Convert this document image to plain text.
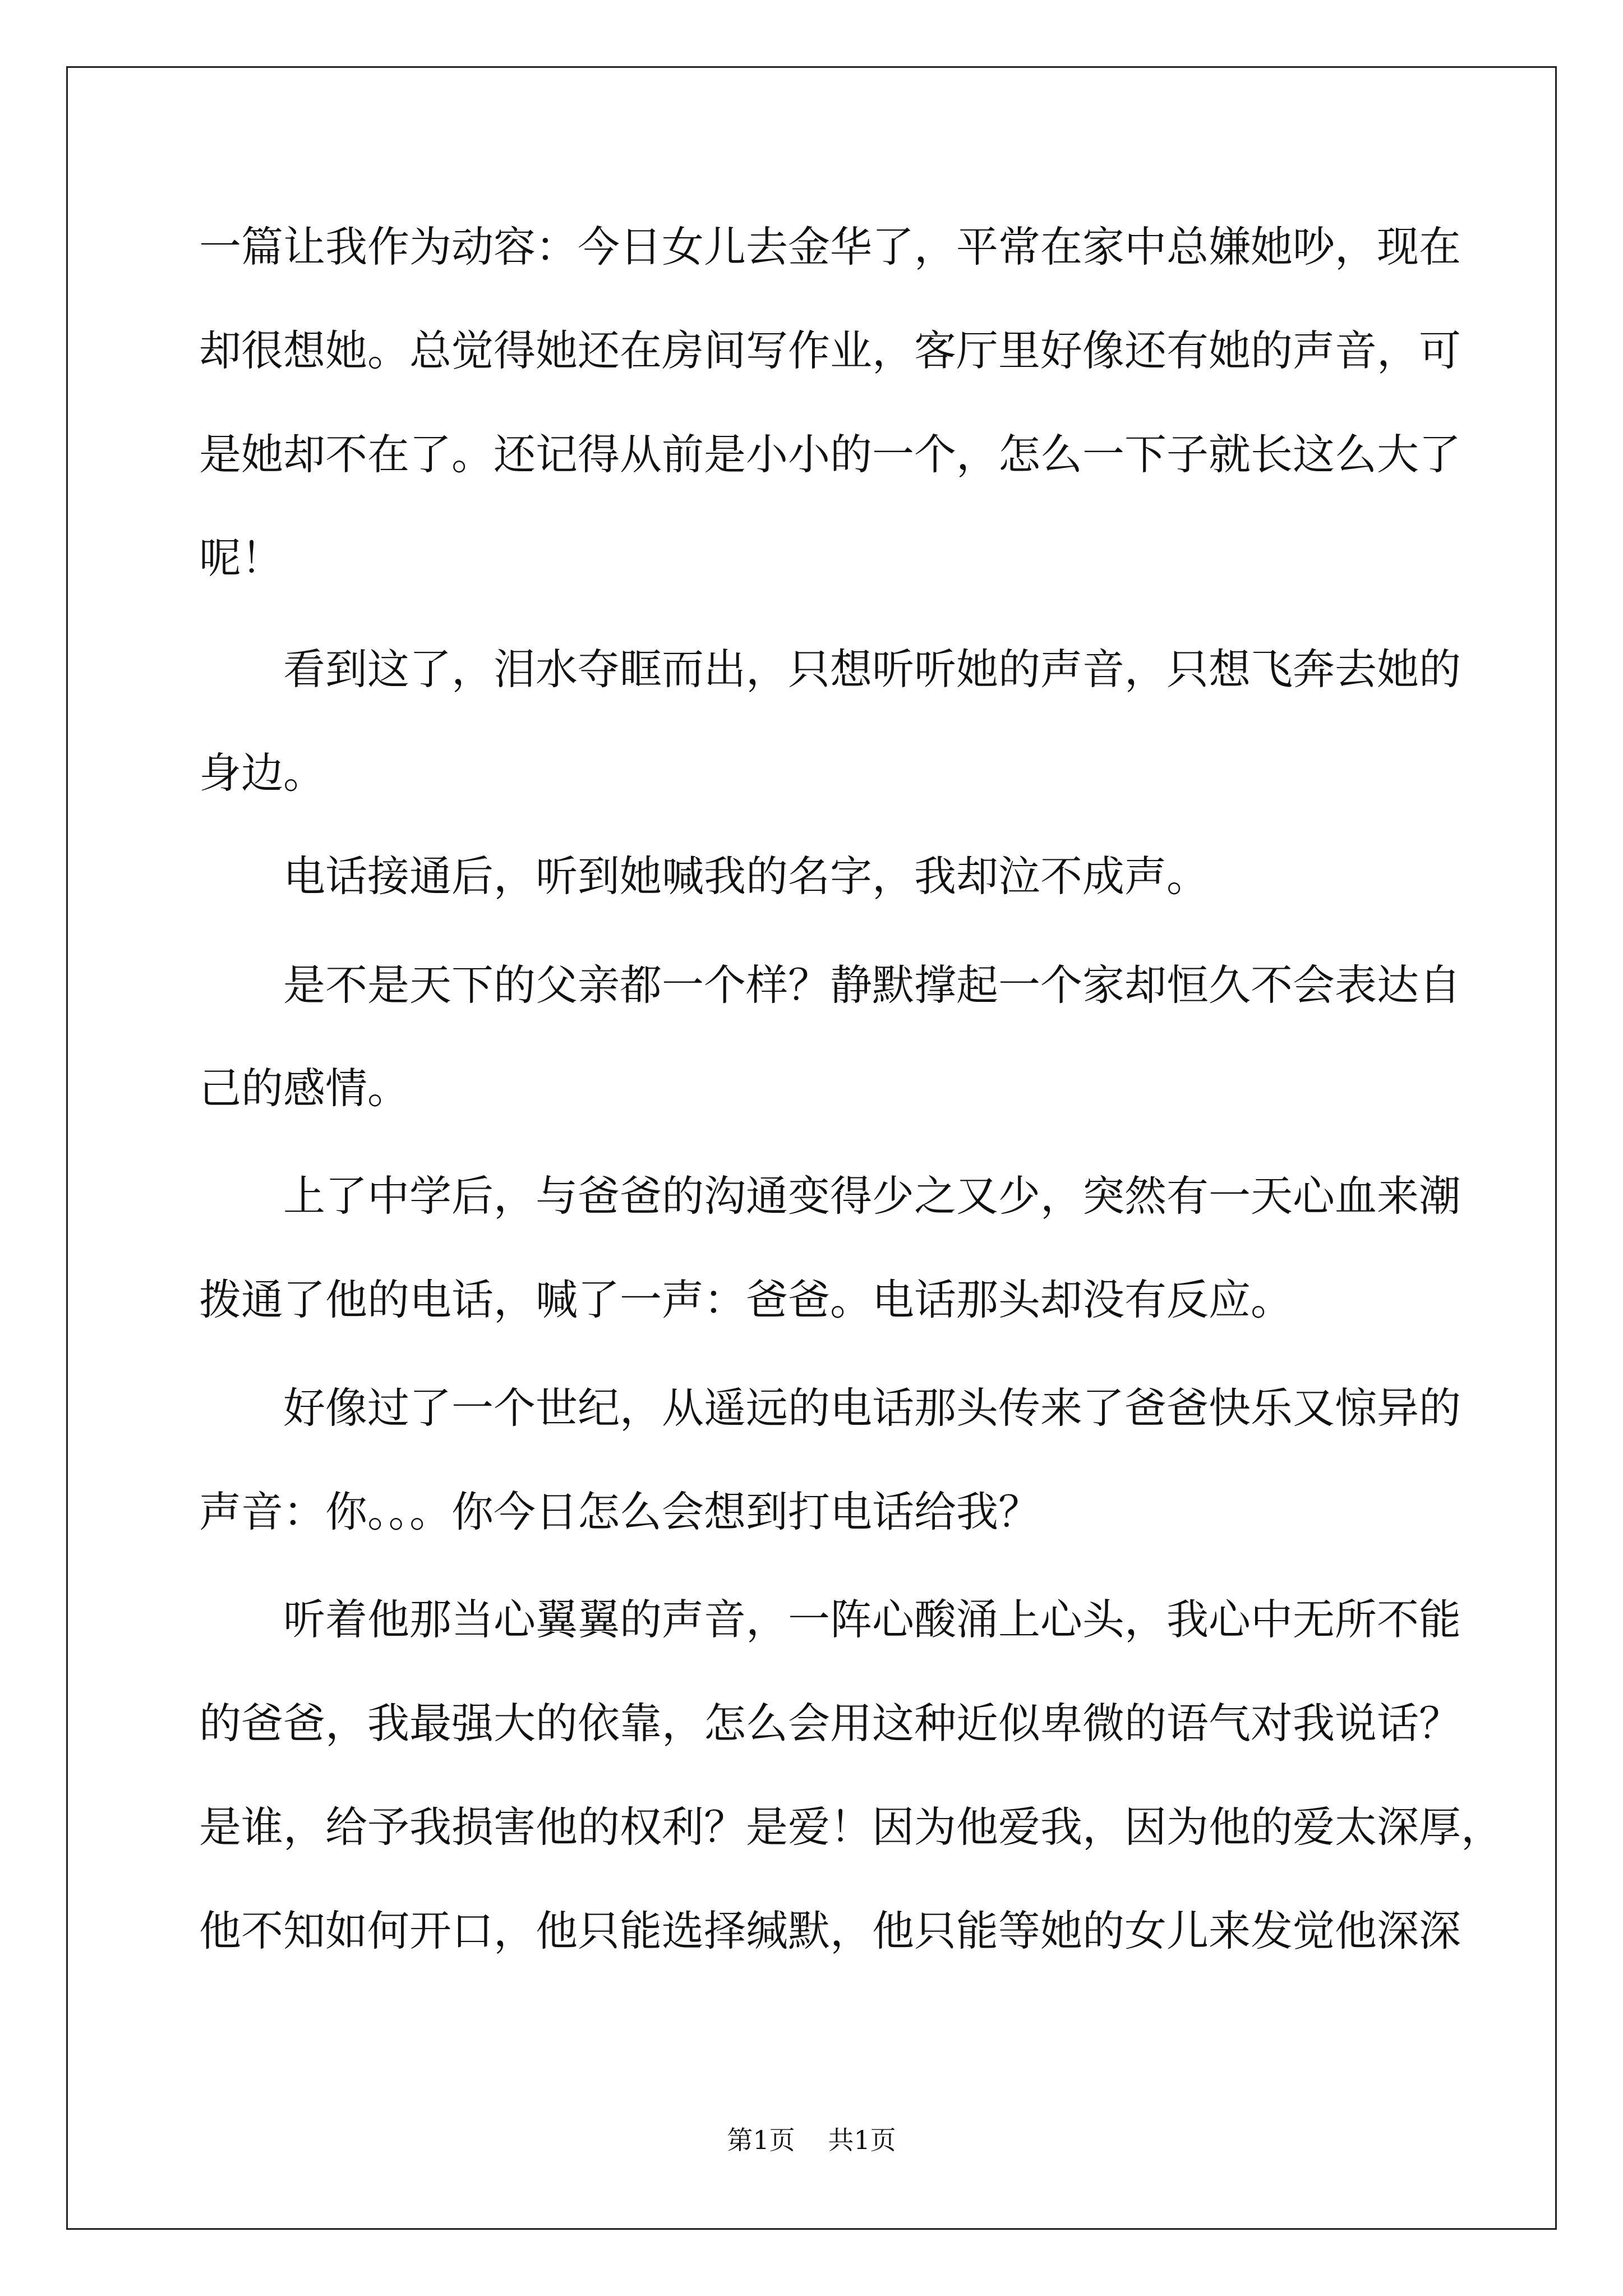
一篇让我作为动容：今日女儿去金华了，平常在家中总嫌她吵，现在
却很想她。总觉得她还在房间写作业，客厅里好像还有她的声音，可
是她却不在了。还记得从前是小小的一个，怎么一下子就长这么大了
呢！
看到这了，泪水夺眶而出，只想听听她的声音，只想飞奔去她的
身边。
电话接通后，听到她喊我的名字，我却泣不成声。
是不是天下的父亲都一个样？静默撑起一个家却恒久不会表达自
己的感情。
上了中学后，与爸爸的沟通变得少之又少，突然有一天心血来潮
拨通了他的电话，喊了一声：爸爸。电话那头却没有反应。
好像过了一个世纪，从遥远的电话那头传来了爸爸快乐又惊异的
声音：你。。。你今日怎么会想到打电话给我？
听着他那当心翼翼的声音，一阵心酸涌上心头，我心中无所不能
的爸爸，我最强大的依靠，怎么会用这种近似卑微的语气对我说话？
是谁，给予我损害他的权利？是爱！因为他爱我，因为他的爱太深厚，
他不知如何开口，他只能选择缄默，他只能等她的女儿来发觉他深深
第1页 共1页
